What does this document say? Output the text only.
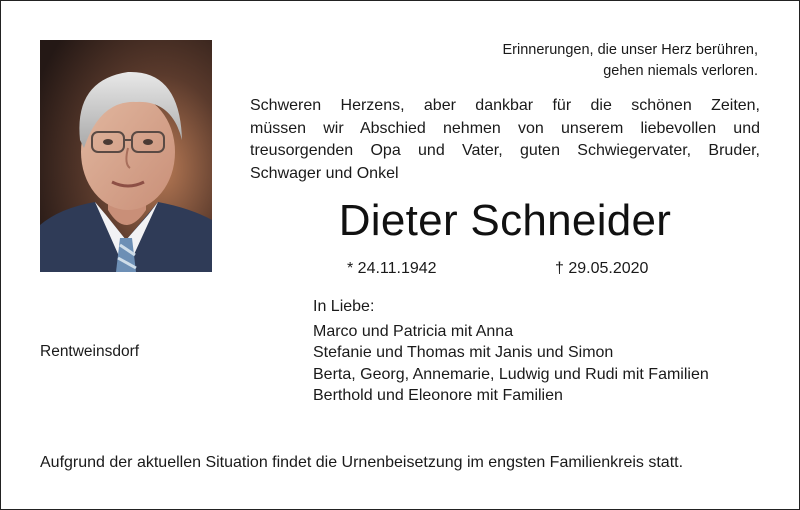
Erinnerungen, die unser Herz berühren,
gehen niemals verloren.
Schweren Herzens, aber dankbar für die schönen Zeiten,
müssen wir Abschied nehmen von unserem liebevollen und
treusorgenden Opa und Vater, guten Schwiegervater, Bruder,
Schwager und Onkel
Dieter Schneider
* 24.11.1942	† 29.05.2020
Rentweinsdorf
In Liebe:
Marco und Patricia mit Anna
Stefanie und Thomas mit Janis und Simon
Berta, Georg, Annemarie, Ludwig und Rudi mit Familien
Berthold und Eleonore mit Familien
Aufgrund der aktuellen Situation findet die Urnenbeisetzung im engsten Familienkreis statt.
